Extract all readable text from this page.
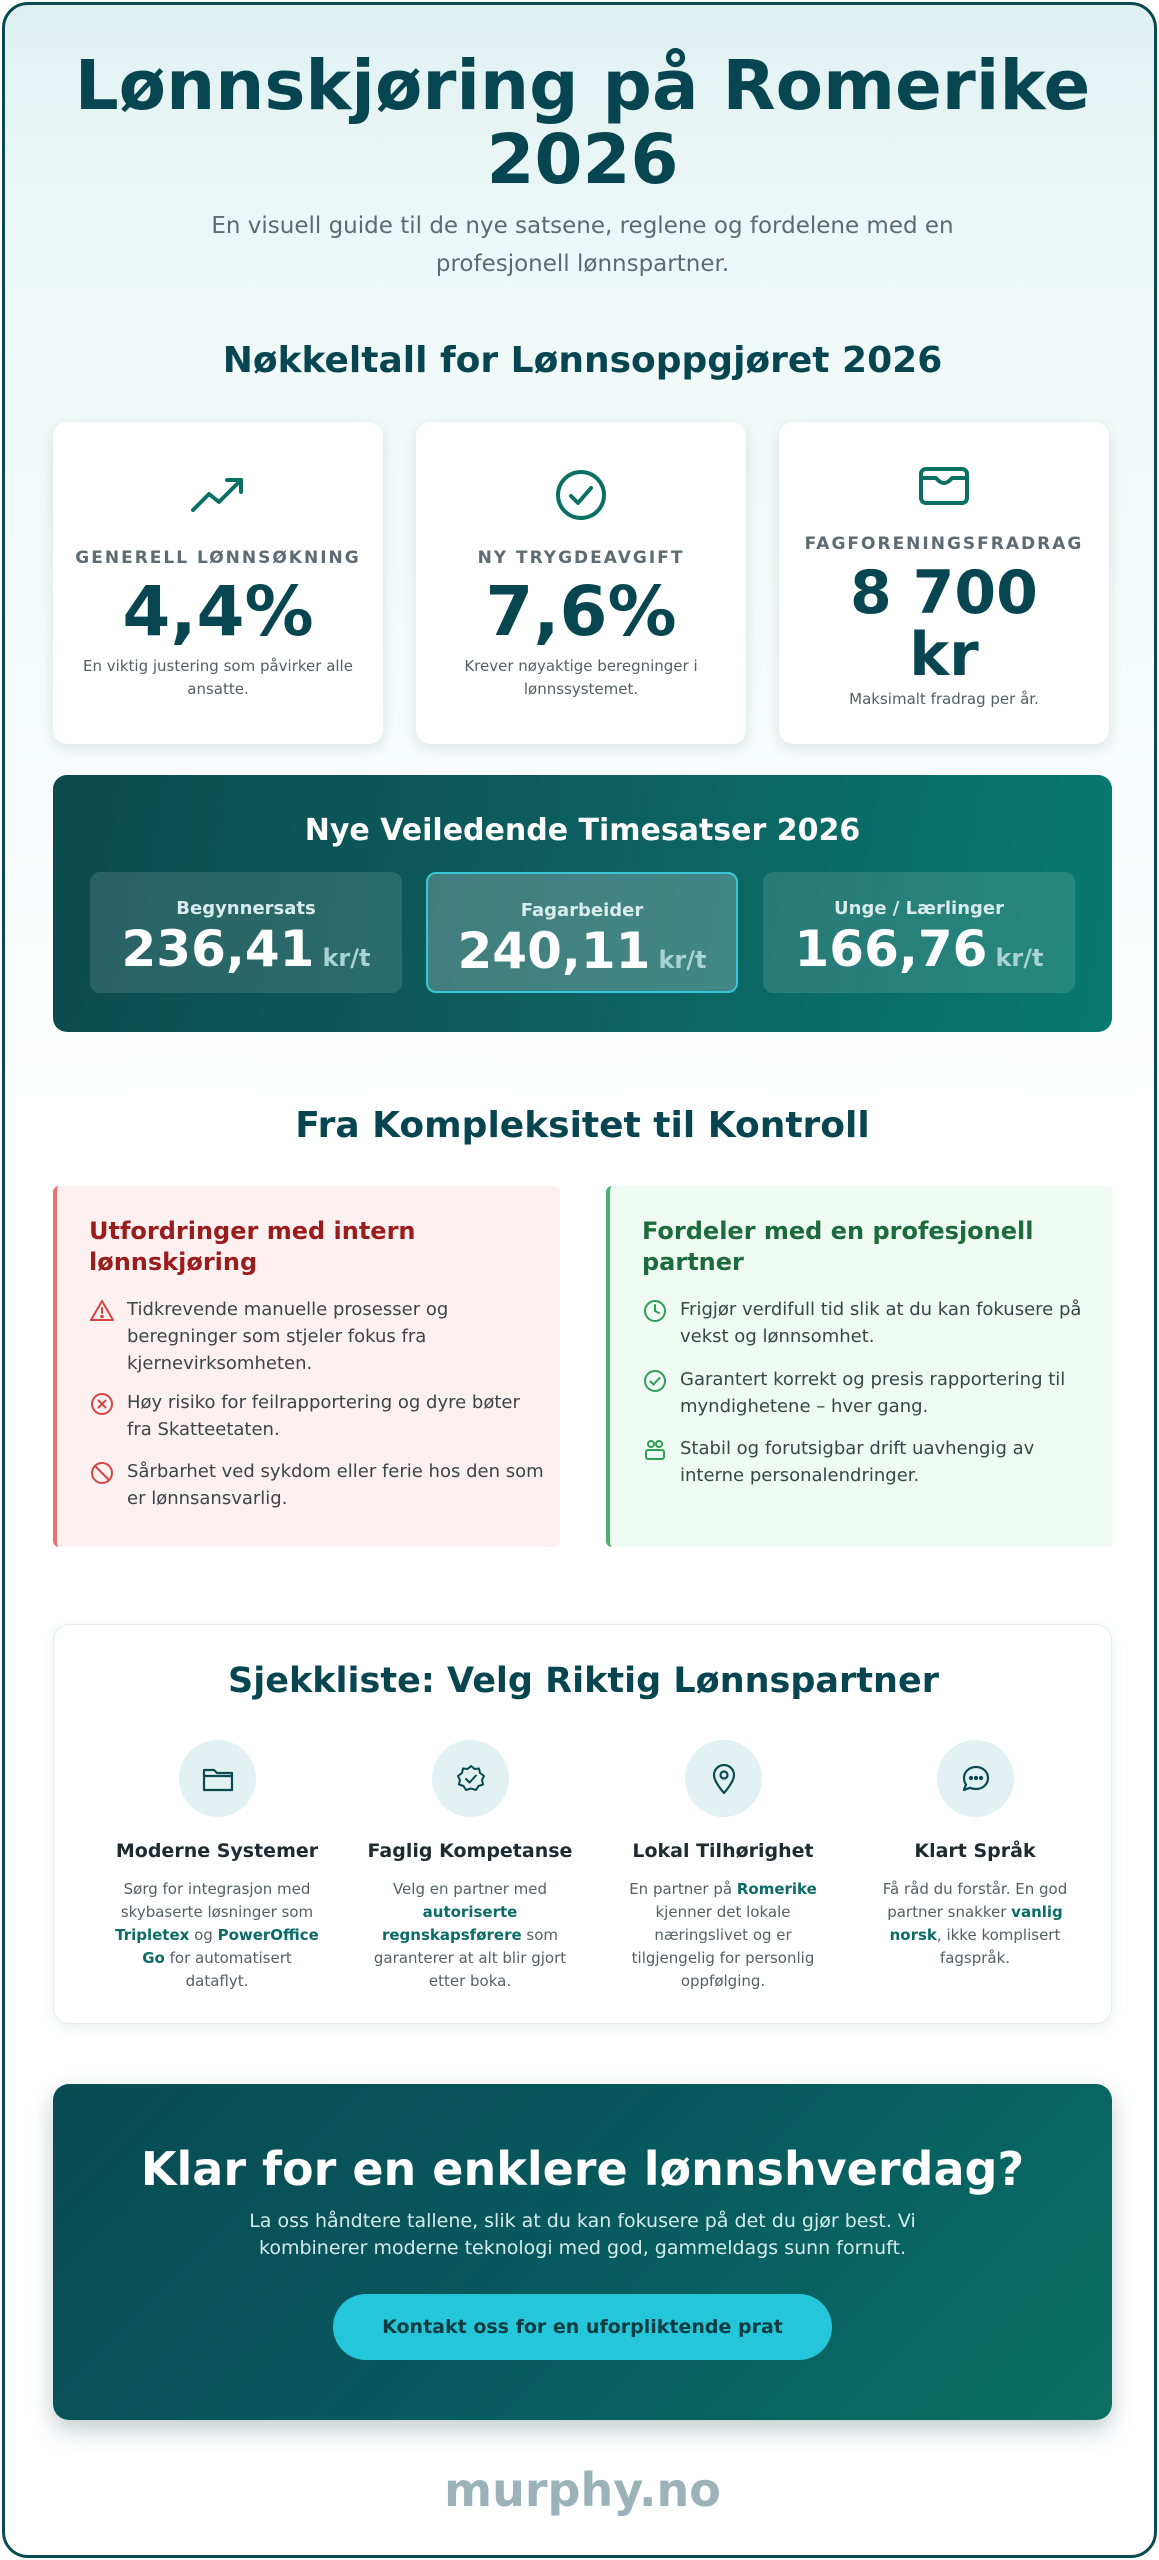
Lønnskjøring på Romerike 2026

En visuell guide til de nye satsene, reglene og fordelene med en profesjonell lønnspartner.

Nøkkeltall for Lønnsoppgjøret 2026
GENERELL LØNNSØKNING
4,4%
En viktig justering som påvirker alle ansatte.
NY TRYGDEAVGIFT
7,6%
Krever nøyaktige beregninger i lønnssystemet.
FAGFORENINGSFRADRAG
8 700 kr
Maksimalt fradrag per år.
Nye Veiledende Timesatser 2026
Begynnersats
236,41 kr/t
Fagarbeider
240,11 kr/t
Unge / Lærlinger
166,76 kr/t
Fra Kompleksitet til Kontroll
Utfordringer med intern lønnskjøring
Tidkrevende manuelle prosesser og beregninger som stjeler fokus fra kjernevirksomheten.
Høy risiko for feilrapportering og dyre bøter fra Skatteetaten.
Sårbarhet ved sykdom eller ferie hos den som er lønnsansvarlig.
Fordeler med en profesjonell partner
Frigjør verdifull tid slik at du kan fokusere på vekst og lønnsomhet.
Garantert korrekt og presis rapportering til myndighetene – hver gang.
Stabil og forutsigbar drift uavhengig av interne personalendringer.
Sjekkliste: Velg Riktig Lønnspartner
Moderne Systemer
Sørg for integrasjon med skybaserte løsninger som Tripletex og PowerOffice Go for automatisert dataflyt.
Faglig Kompetanse
Velg en partner med autoriserte regnskapsførere som garanterer at alt blir gjort etter boka.
Lokal Tilhørighet
En partner på Romerike kjenner det lokale næringslivet og er tilgjengelig for personlig oppfølging.
Klart Språk
Få råd du forstår. En god partner snakker vanlig norsk, ikke komplisert fagspråk.
Klar for en enklere lønnshverdag?
La oss håndtere tallene, slik at du kan fokusere på det du gjør best. Vi kombinerer moderne teknologi med god, gammeldags sunn fornuft.
Kontakt oss for en uforpliktende prat
murphy.no
